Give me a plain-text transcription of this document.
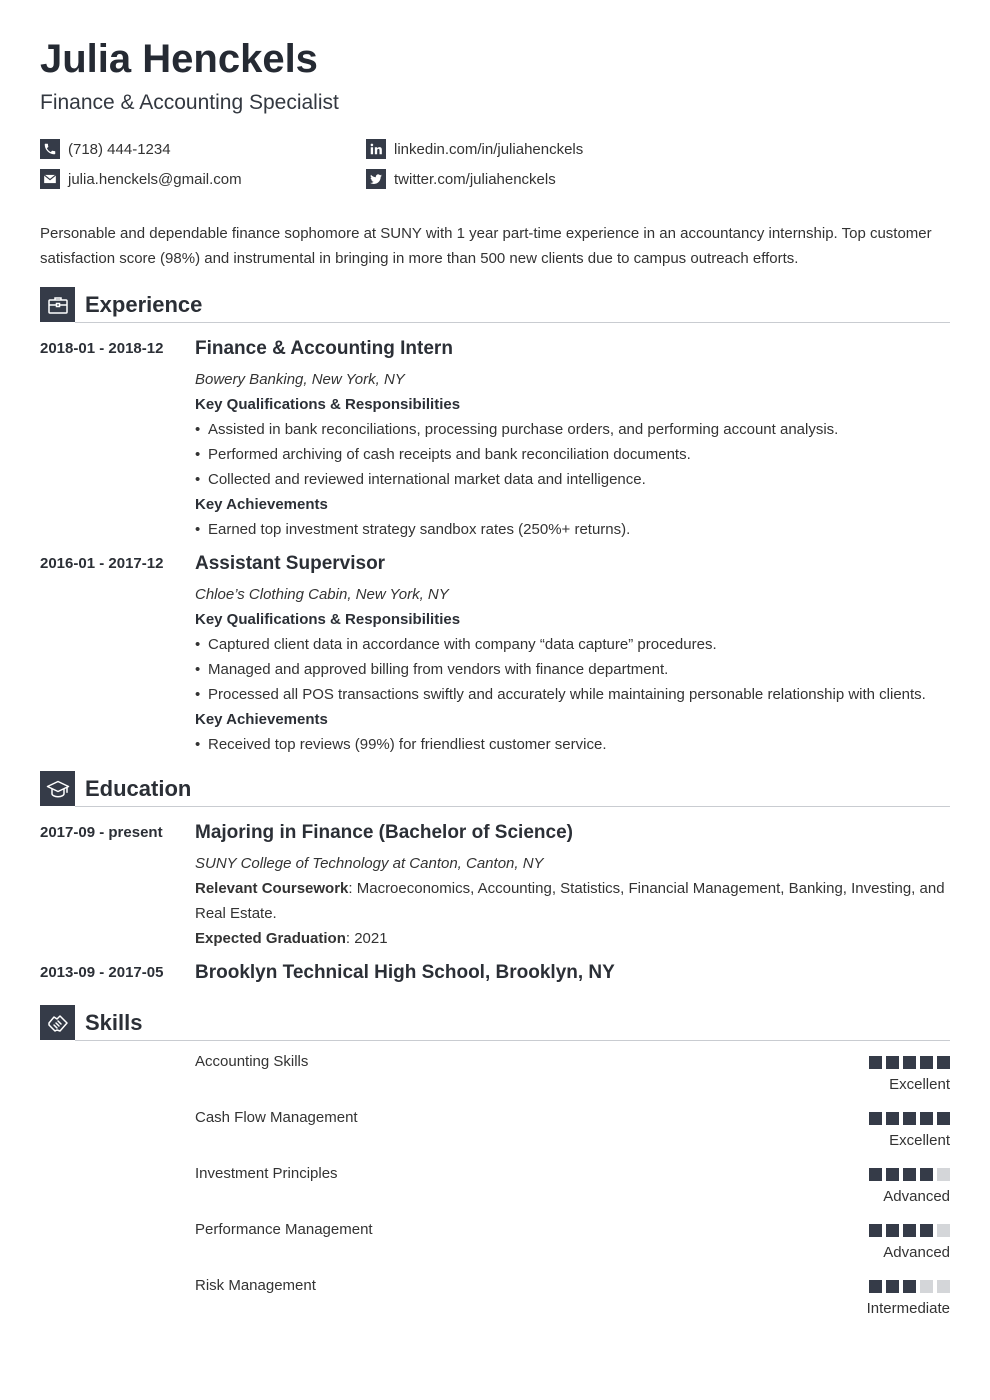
Julia Henckels
Finance & Accounting Specialist
(718) 444-1234
julia.henckels@gmail.com
linkedin.com/in/juliahenckels
twitter.com/juliahenckels
Personable and dependable finance sophomore at SUNY with 1 year part-time experience in an accountancy internship. Top customer satisfaction score (98%) and instrumental in bringing in more than 500 new clients due to campus outreach efforts.
Experience
2018-01 - 2018-12 Finance & Accounting Intern
Bowery Banking, New York, NY
Key Qualifications & Responsibilities
• Assisted in bank reconciliations, processing purchase orders, and performing account analysis.
• Performed archiving of cash receipts and bank reconciliation documents.
• Collected and reviewed international market data and intelligence.
Key Achievements
• Earned top investment strategy sandbox rates (250%+ returns).
2016-01 - 2017-12 Assistant Supervisor
Chloe’s Clothing Cabin, New York, NY
Key Qualifications & Responsibilities
• Captured client data in accordance with company “data capture” procedures.
• Managed and approved billing from vendors with finance department.
• Processed all POS transactions swiftly and accurately while maintaining personable relationship with clients.
Key Achievements
• Received top reviews (99%) for friendliest customer service.
Education
2017-09 - present Majoring in Finance (Bachelor of Science)
SUNY College of Technology at Canton, Canton, NY
Relevant Coursework: Macroeconomics, Accounting, Statistics, Financial Management, Banking, Investing, and Real Estate.
Expected Graduation: 2021
2013-09 - 2017-05 Brooklyn Technical High School, Brooklyn, NY
Skills
Accounting Skills
Excellent
Cash Flow Management
Excellent
Investment Principles
Advanced
Performance Management
Advanced
Risk Management
Intermediate
